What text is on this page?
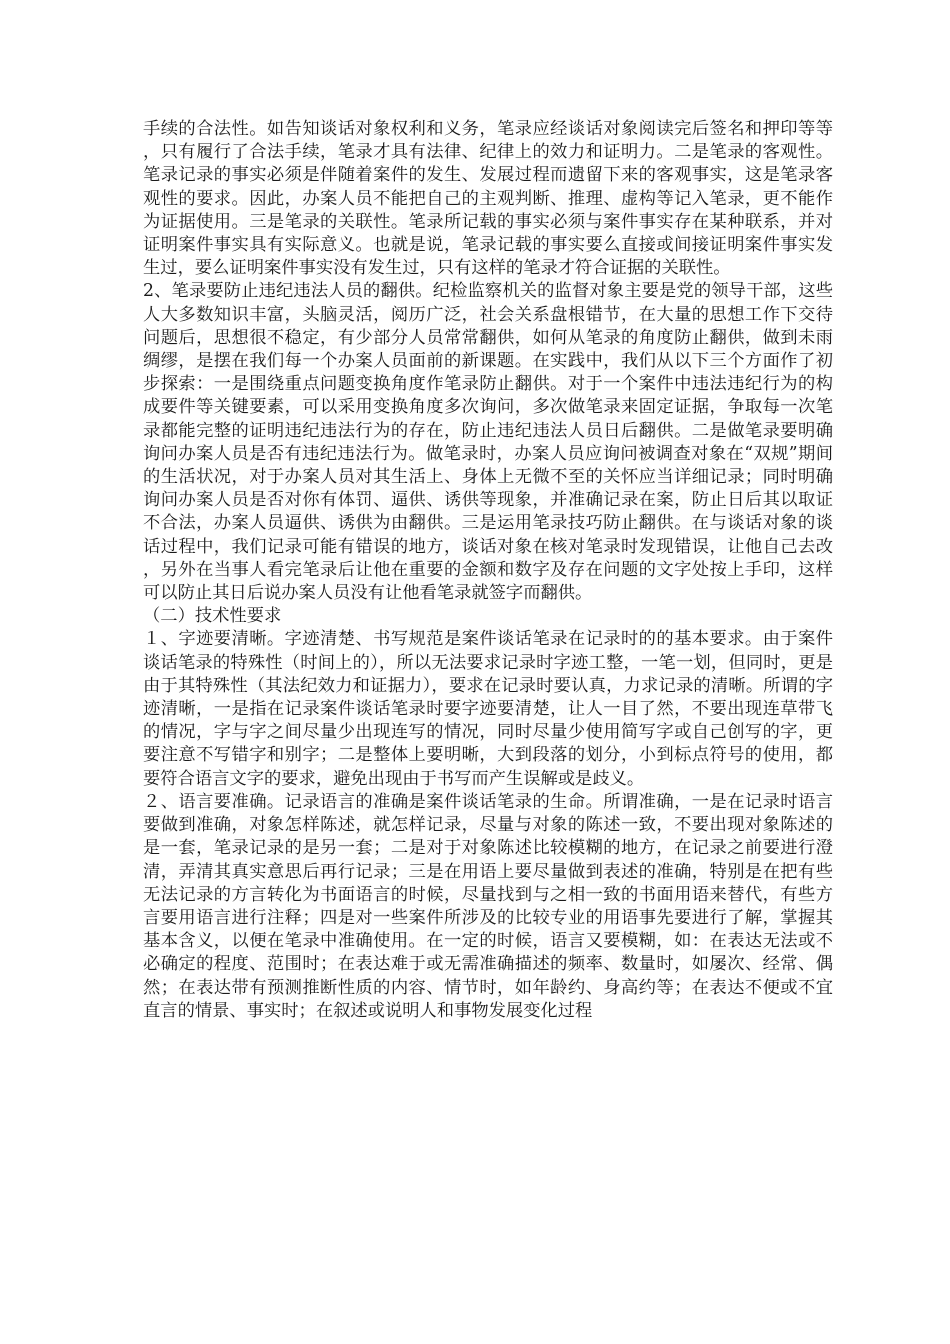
手续的合法性。如告知谈话对象权利和义务，笔录应经谈话对象阅读完后签名和押印等等，只有履行了合法手续，笔录才具有法律、纪律上的效力和证明力。二是笔录的客观性。笔录记录的事实必须是伴随着案件的发生、发展过程而遗留下来的客观事实，这是笔录客观性的要求。因此，办案人员不能把自己的主观判断、推理、虚构等记入笔录，更不能作为证据使用。三是笔录的关联性。笔录所记载的事实必须与案件事实存在某种联系，并对证明案件事实具有实际意义。也就是说，笔录记载的事实要么直接或间接证明案件事实发生过，要么证明案件事实没有发生过，只有这样的笔录才符合证据的关联性。

2、笔录要防止违纪违法人员的翻供。纪检监察机关的监督对象主要是党的领导干部，这些人大多数知识丰富，头脑灵活，阅历广泛，社会关系盘根错节，在大量的思想工作下交待问题后，思想很不稳定，有少部分人员常常翻供，如何从笔录的角度防止翻供，做到未雨绸缪，是摆在我们每一个办案人员面前的新课题。在实践中，我们从以下三个方面作了初步探索：一是围绕重点问题变换角度作笔录防止翻供。对于一个案件中违法违纪行为的构成要件等关键要素，可以采用变换角度多次询问，多次做笔录来固定证据，争取每一次笔录都能完整的证明违纪违法行为的存在，防止违纪违法人员日后翻供。二是做笔录要明确询问办案人员是否有违纪违法行为。做笔录时，办案人员应询问被调查对象在“双规”期间的生活状况，对于办案人员对其生活上、身体上无微不至的关怀应当详细记录；同时明确询问办案人员是否对你有体罚、逼供、诱供等现象，并准确记录在案，防止日后其以取证不合法，办案人员逼供、诱供为由翻供。三是运用笔录技巧防止翻供。在与谈话对象的谈话过程中，我们记录可能有错误的地方，谈话对象在核对笔录时发现错误，让他自己去改，另外在当事人看完笔录后让他在重要的金额和数字及存在问题的文字处按上手印，这样可以防止其日后说办案人员没有让他看笔录就签字而翻供。

（二）技术性要求

１、字迹要清晰。字迹清楚、书写规范是案件谈话笔录在记录时的的基本要求。由于案件谈话笔录的特殊性（时间上的），所以无法要求记录时字迹工整，一笔一划，但同时，更是由于其特殊性（其法纪效力和证据力），要求在记录时要认真，力求记录的清晰。所谓的字迹清晰，一是指在记录案件谈话笔录时要字迹要清楚，让人一目了然，不要出现连草带飞的情况，字与字之间尽量少出现连写的情况，同时尽量少使用简写字或自己创写的字，更要注意不写错字和别字；二是整体上要明晰，大到段落的划分，小到标点符号的使用，都要符合语言文字的要求，避免出现由于书写而产生误解或是歧义。

２、语言要准确。记录语言的准确是案件谈话笔录的生命。所谓准确，一是在记录时语言要做到准确，对象怎样陈述，就怎样记录，尽量与对象的陈述一致，不要出现对象陈述的是一套，笔录记录的是另一套；二是对于对象陈述比较模糊的地方，在记录之前要进行澄清，弄清其真实意思后再行记录；三是在用语上要尽量做到表述的准确，特别是在把有些无法记录的方言转化为书面语言的时候，尽量找到与之相一致的书面用语来替代，有些方言要用语言进行注释；四是对一些案件所涉及的比较专业的用语事先要进行了解，掌握其基本含义，以便在笔录中准确使用。在一定的时候，语言又要模糊，如：在表达无法或不必确定的程度、范围时；在表达难于或无需准确描述的频率、数量时，如屡次、经常、偶然；在表达带有预测推断性质的内容、情节时，如年龄约、身高约等；在表达不便或不宜直言的情景、事实时；在叙述或说明人和事物发展变化过程
